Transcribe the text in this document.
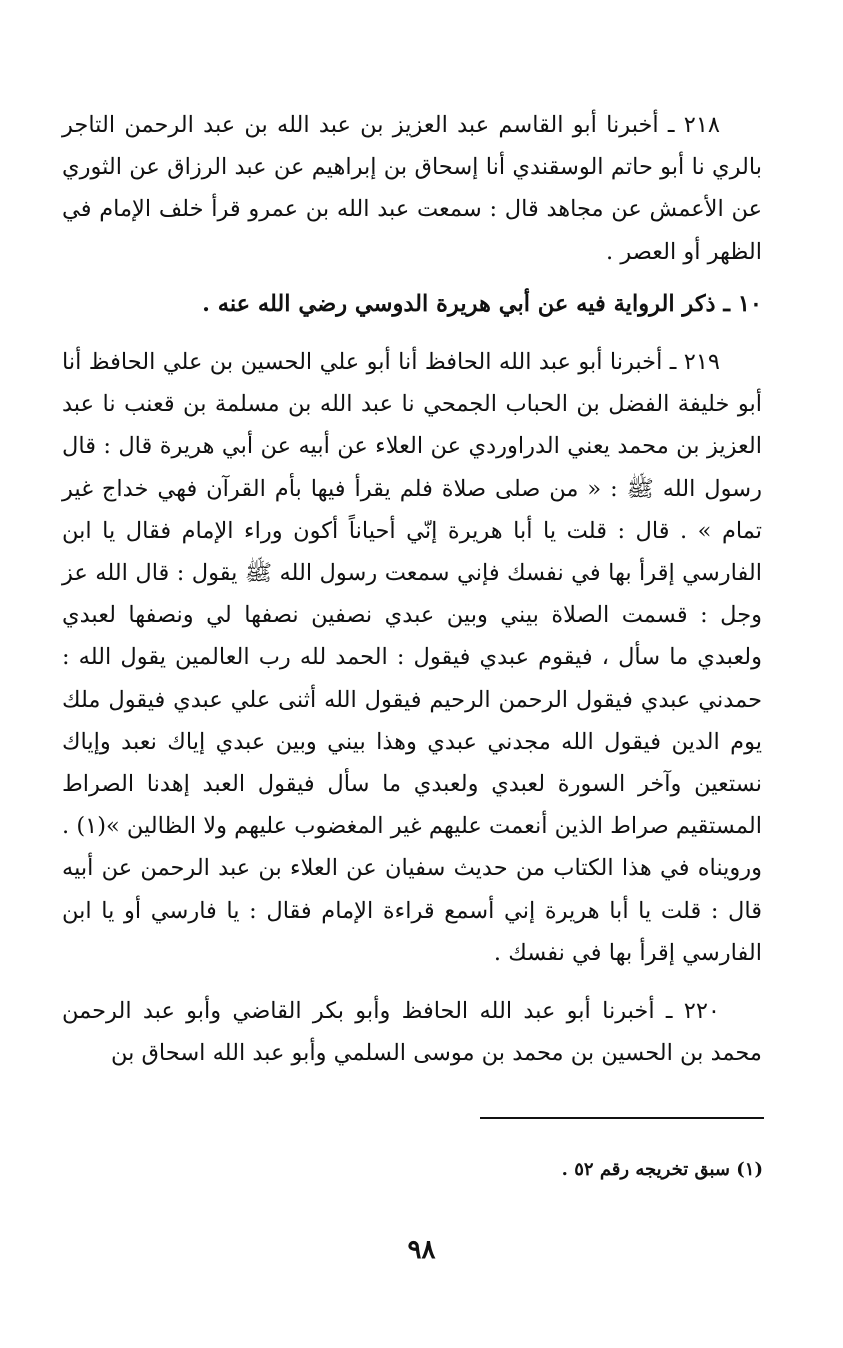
٢١٨ ـ أخبرنا أبو القاسم عبد العزيز بن عبد الله بن عبد الرحمن التاجر بالري نا أبو حاتم الوسقندي أنا إسحاق بن إبراهيم عن عبد الرزاق عن الثوري عن الأعمش عن مجاهد قال : سمعت عبد الله بن عمرو قرأ خلف الإمام في الظهر أو العصر .

١٠ ـ ذكر الرواية فيه عن أبي هريرة الدوسي رضي الله عنه .

٢١٩ ـ أخبرنا أبو عبد الله الحافظ أنا أبو علي الحسين بن علي الحافظ أنا أبو خليفة الفضل بن الحباب الجمحي نا عبد الله بن مسلمة بن قعنب نا عبد العزيز بن محمد يعني الدراوردي عن العلاء عن أبيه عن أبي هريرة قال : قال رسول الله ﷺ : « من صلى صلاة فلم يقرأ فيها بأم القرآن فهي خداج غير تمام » . قال : قلت يا أبا هريرة إنّي أحياناً أكون وراء الإمام فقال يا ابن الفارسي إقرأ بها في نفسك فإني سمعت رسول الله ﷺ يقول : قال الله عز وجل : قسمت الصلاة بيني وبين عبدي نصفين نصفها لي ونصفها لعبدي ولعبدي ما سأل ، فيقوم عبدي فيقول : الحمد لله رب العالمين يقول الله : حمدني عبدي فيقول الرحمن الرحيم فيقول الله أثنى علي عبدي فيقول ملك يوم الدين فيقول الله مجدني عبدي وهذا بيني وبين عبدي إياك نعبد وإياك نستعين وآخر السورة لعبدي ولعبدي ما سأل فيقول العبد إهدنا الصراط المستقيم صراط الذين أنعمت عليهم غير المغضوب عليهم ولا الظالين »(١) . ورويناه في هذا الكتاب من حديث سفيان عن العلاء بن عبد الرحمن عن أبيه قال : قلت يا أبا هريرة إني أسمع قراءة الإمام فقال : يا فارسي أو يا ابن الفارسي إقرأ بها في نفسك .

٢٢٠ ـ أخبرنا أبو عبد الله الحافظ وأبو بكر القاضي وأبو عبد الرحمن محمد بن الحسين بن محمد بن موسى السلمي وأبو عبد الله اسحاق بن

(١) سبق تخريجه رقم ٥٢ .
٩٨
